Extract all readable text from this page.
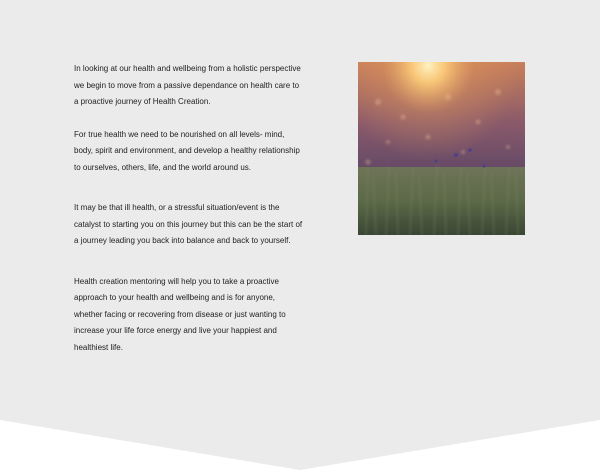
In looking at our health and wellbeing from a holistic perspective
we begin to move from a passive dependance on health care to
a proactive journey of Health Creation.

For true health we need to be nourished on all levels- mind,
body, spirit and environment, and develop a healthy relationship
to ourselves, others, life, and the world around us.

It may be that ill health, or a stressful situation/event is the
catalyst to starting you on this journey but this can be the start of
a journey leading you back into balance and back to yourself.

Health creation mentoring will help you to take a proactive
approach to your health and wellbeing and is for anyone,
whether facing or recovering from disease or just wanting to
increase your life force energy and live your happiest and
healthiest life.
